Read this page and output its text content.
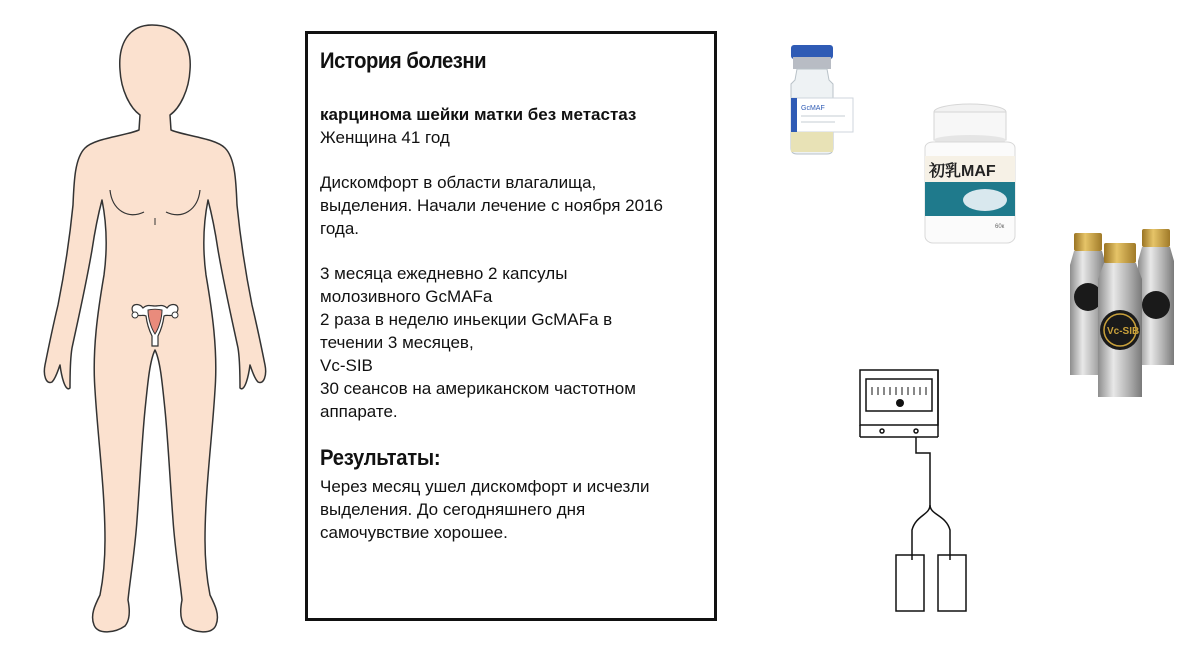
История болезни

карцинома шейки матки без метастаз

Женщина 41 год

Дискомфорт в области влагалища,
выделения. Начали лечение с ноября 2016
года.

3 месяца ежедневно 2 капсулы
молозивного GcMAFa
2 раза в неделю иньекции GcMAFa в
течении 3 месяцев,
Vc-SIB
30 сеансов на американском частотном
аппарате.

Результаты:

Через месяц ушел дискомфорт и исчезли
выделения. До сегодняшнего дня
самочувствие хорошее.

GcMAF
初乳MAF
60к
Vc-SIB
